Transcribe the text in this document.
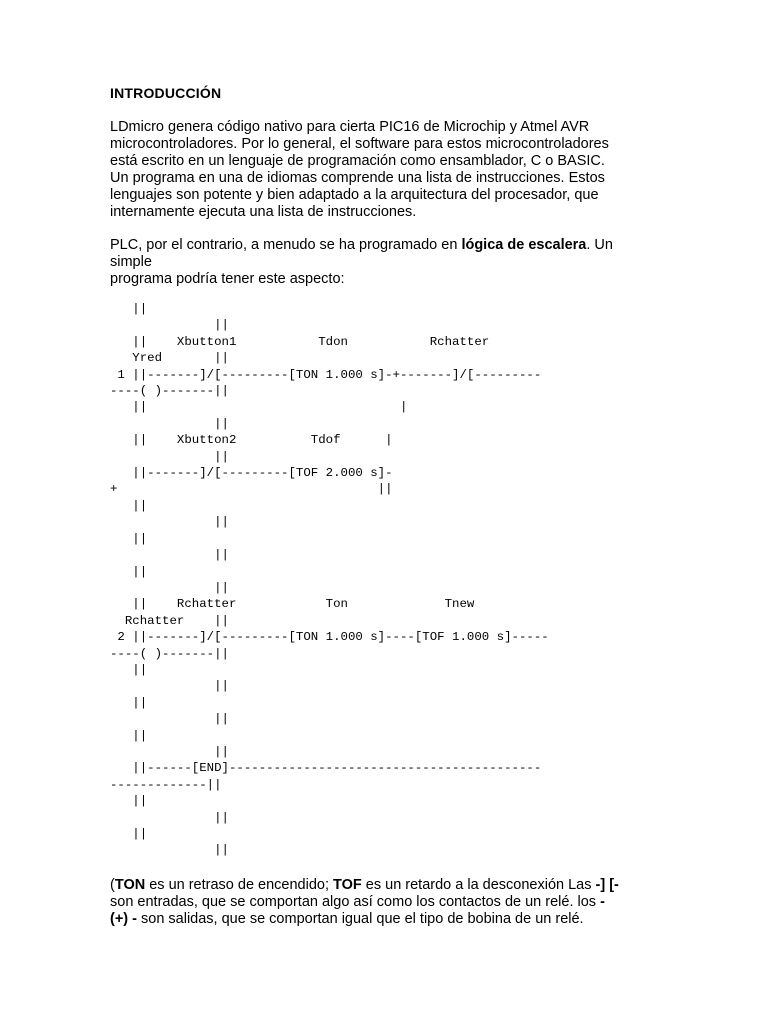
INTRODUCCIÓN
LDmicro genera código nativo para cierta PIC16 de Microchip y Atmel AVR
microcontroladores. Por lo general, el software para estos microcontroladores
está escrito en un lenguaje de programación como ensamblador, C o BASIC.
Un programa en una de idiomas comprende una lista de instrucciones. Estos
lenguajes son potente y bien adaptado a la arquitectura del procesador, que
internamente ejecuta una lista de instrucciones.
PLC, por el contrario, a menudo se ha programado en lógica de escalera. Un
simple
programa podría tener este aspecto:
||
||
||    Xbutton1           Tdon           Rchatter
Yred       ||
1 ||-------]/[---------[TON 1.000 s]-+-------]/[---------
----( )-------||
||                                  |
||
||    Xbutton2          Tdof      |
||
||-------]/[---------[TOF 2.000 s]-
+                                   ||
||
||
||
||
||
||
||    Rchatter            Ton             Tnew
Rchatter    ||
2 ||-------]/[---------[TON 1.000 s]----[TOF 1.000 s]-----
----( )-------||
||
||
||
||
||
||
||------[END]------------------------------------------
-------------||
||
||
||
||
(TON es un retraso de encendido; TOF es un retardo a la desconexión Las -] [-
son entradas, que se comportan algo así como los contactos de un relé. los -
(+) - son salidas, que se comportan igual que el tipo de bobina de un relé.
